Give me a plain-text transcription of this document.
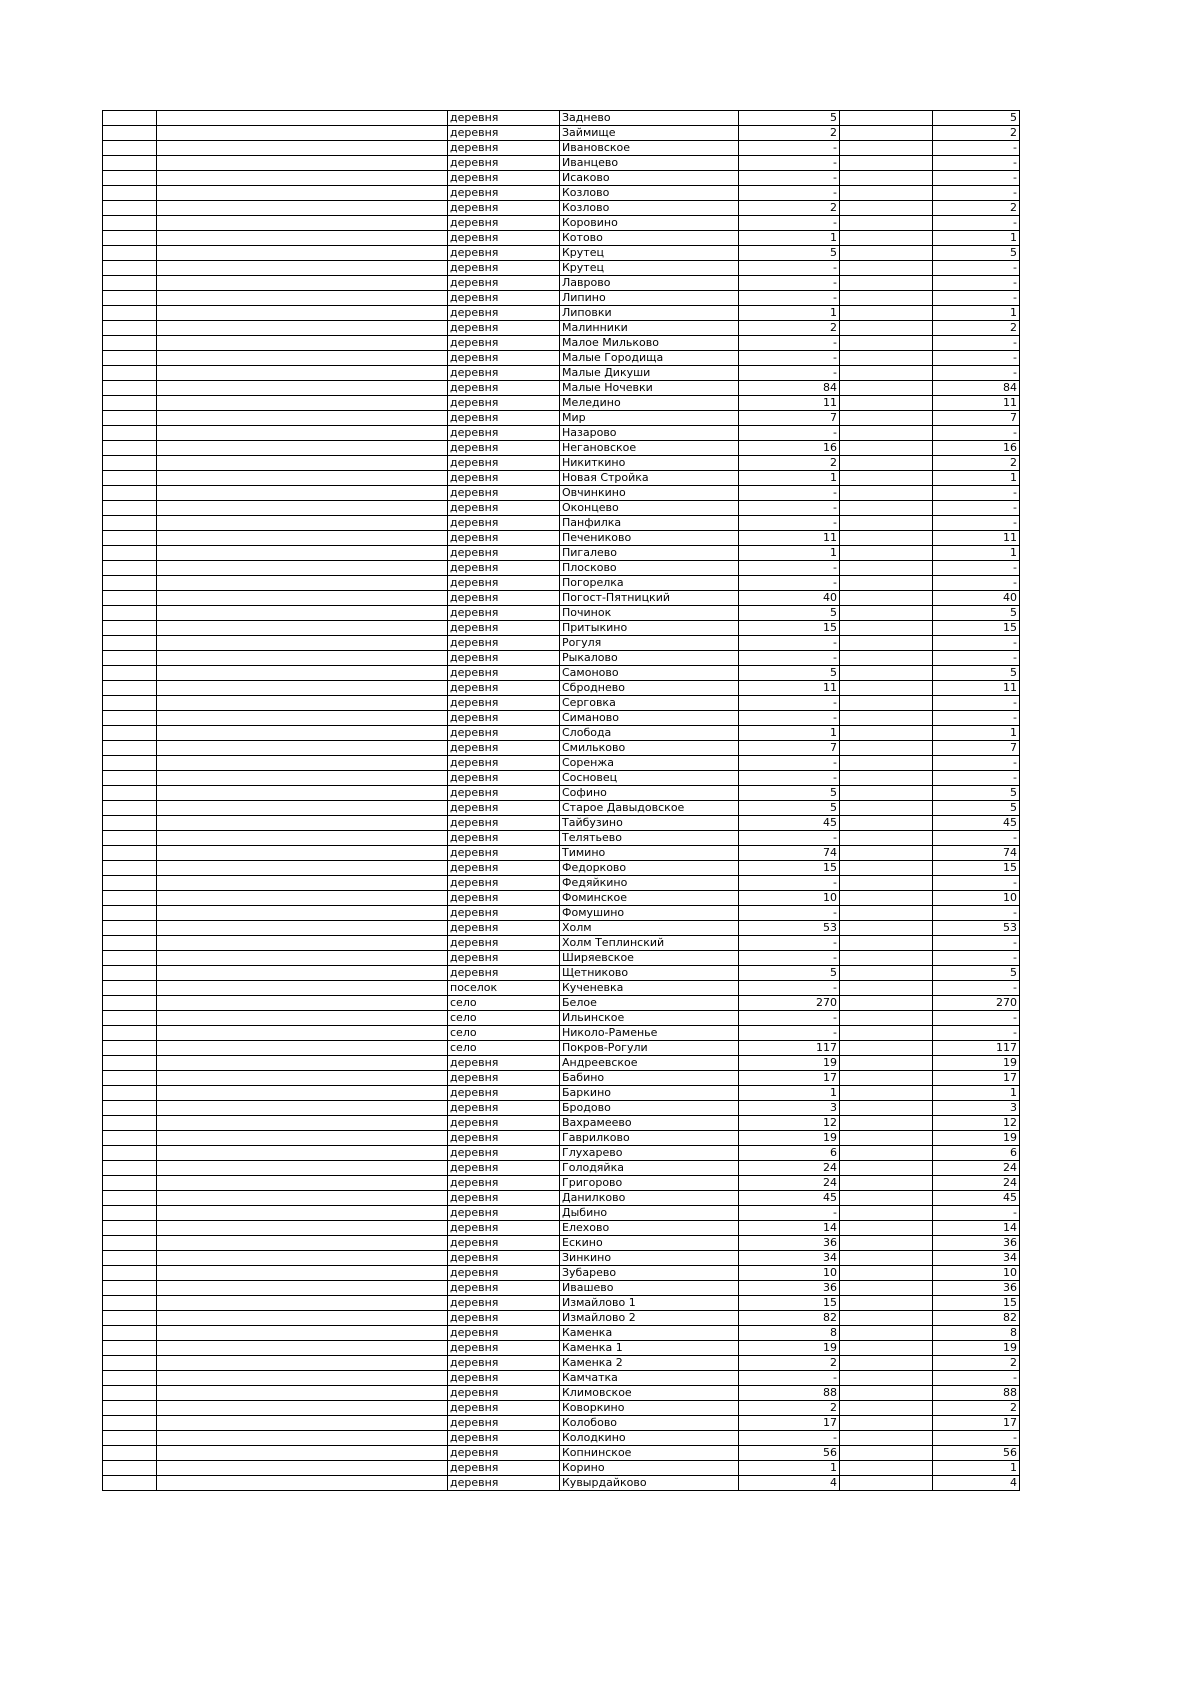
		деревня	Заднево	5		5
		деревня	Займище	2		2
		деревня	Ивановское	-		-
		деревня	Иванцево	-		-
		деревня	Исаково	-		-
		деревня	Козлово	-		-
		деревня	Козлово	2		2
		деревня	Коровино	-		-
		деревня	Котово	1		1
		деревня	Крутец	5		5
		деревня	Крутец	-		-
		деревня	Лаврово	-		-
		деревня	Липино	-		-
		деревня	Липовки	1		1
		деревня	Малинники	2		2
		деревня	Малое Мильково	-		-
		деревня	Малые Городища	-		-
		деревня	Малые Дикуши	-		-
		деревня	Малые Ночевки	84		84
		деревня	Меледино	11		11
		деревня	Мир	7		7
		деревня	Назарово	-		-
		деревня	Негановское	16		16
		деревня	Никиткино	2		2
		деревня	Новая Стройка	1		1
		деревня	Овчинкино	-		-
		деревня	Оконцево	-		-
		деревня	Панфилка	-		-
		деревня	Печениково	11		11
		деревня	Пигалево	1		1
		деревня	Плосково	-		-
		деревня	Погорелка	-		-
		деревня	Погост-Пятницкий	40		40
		деревня	Починок	5		5
		деревня	Притыкино	15		15
		деревня	Рогуля	-		-
		деревня	Рыкалово	-		-
		деревня	Самоново	5		5
		деревня	Сброднево	11		11
		деревня	Серговка	-		-
		деревня	Симаново	-		-
		деревня	Слобода	1		1
		деревня	Смильково	7		7
		деревня	Соренжа	-		-
		деревня	Сосновец	-		-
		деревня	Софино	5		5
		деревня	Старое Давыдовское	5		5
		деревня	Тайбузино	45		45
		деревня	Телятьево	-		-
		деревня	Тимино	74		74
		деревня	Федорково	15		15
		деревня	Федяйкино	-		-
		деревня	Фоминское	10		10
		деревня	Фомушино	-		-
		деревня	Холм	53		53
		деревня	Холм Теплинский	-		-
		деревня	Ширяевское	-		-
		деревня	Щетниково	5		5
		поселок	Кученевка	-		-
		село	Белое	270		270
		село	Ильинское	-		-
		село	Николо-Раменье	-		-
		село	Покров-Рогули	117		117
		деревня	Андреевское	19		19
		деревня	Бабино	17		17
		деревня	Баркино	1		1
		деревня	Бродово	3		3
		деревня	Вахрамеево	12		12
		деревня	Гаврилково	19		19
		деревня	Глухарево	6		6
		деревня	Голодяйка	24		24
		деревня	Григорово	24		24
		деревня	Данилково	45		45
		деревня	Дыбино	-		-
		деревня	Елехово	14		14
		деревня	Ескино	36		36
		деревня	Зинкино	34		34
		деревня	Зубарево	10		10
		деревня	Ивашево	36		36
		деревня	Измайлово 1	15		15
		деревня	Измайлово 2	82		82
		деревня	Каменка	8		8
		деревня	Каменка 1	19		19
		деревня	Каменка 2	2		2
		деревня	Камчатка	-		-
		деревня	Климовское	88		88
		деревня	Коворкино	2		2
		деревня	Колобово	17		17
		деревня	Колодкино	-		-
		деревня	Копнинское	56		56
		деревня	Корино	1		1
		деревня	Кувырдайково	4		4
